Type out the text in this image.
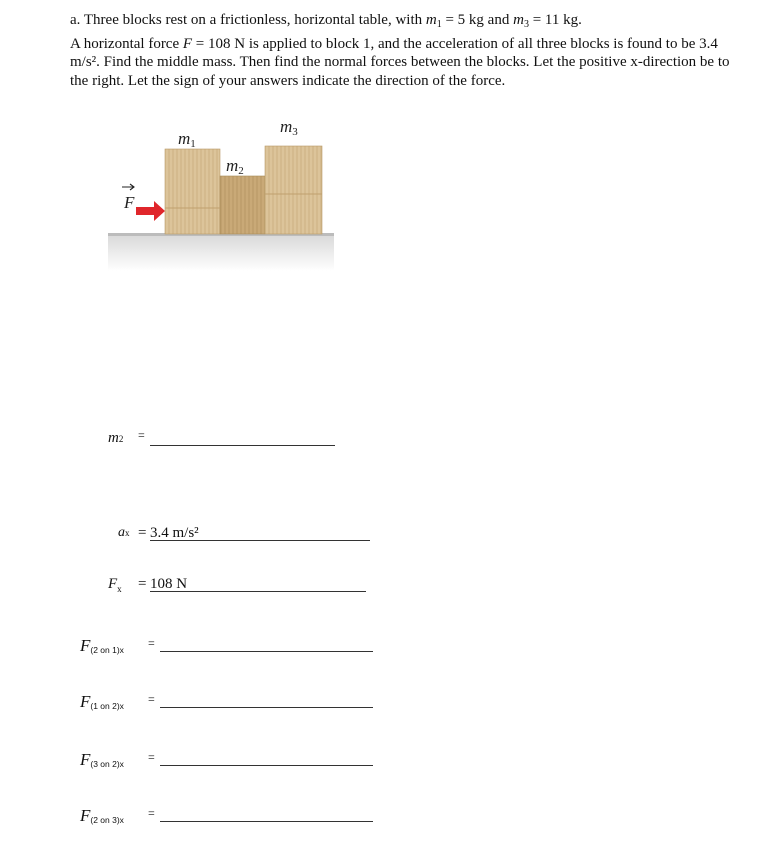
a. Three blocks rest on a frictionless, horizontal table, with $m_1 = 5$ kg and $m_3 = 11$ kg.

A horizontal force F = 108 N is applied to block 1, and the acceleration of all three blocks is found to be 3.4 m/s². Find the middle mass. Then find the normal forces between the blocks. Let the positive x-direction be to the right. Let the sign of your answers indicate the direction of the force.

F
m1
m2
m3
m2 =
ax = 3.4 m/s²
$F_x = 108$ N
F(2 on 1)x =
F(1 on 2)x =
F(3 on 2)x =
F(2 on 3)x =
